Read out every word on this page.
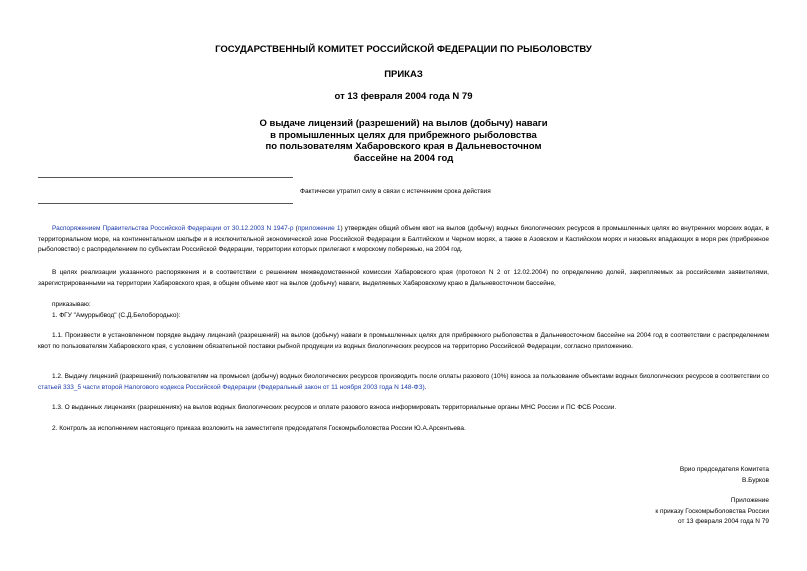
ГОСУДАРСТВЕННЫЙ КОМИТЕТ РОССИЙСКОЙ ФЕДЕРАЦИИ ПО РЫБОЛОВСТВУ
ПРИКАЗ
от 13 февраля 2004 года N 79
О выдаче лицензий (разрешений) на вылов (добычу) наваги
в промышленных целях для прибрежного рыболовства
по пользователям Хабаровского края в Дальневосточном
бассейне на 2004 год
Фактически утратил силу в связи с истечением срока действия
Распоряжением Правительства Российской Федерации от 30.12.2003 N 1947-р (приложение 1) утвержден общий объем квот на вылов (добычу) водных биологических ресурсов в промышленных целях во внутренних морских водах, в территориальном море, на континентальном шельфе и в исключительной экономической зоне Российской Федерации в Балтийском и Черном морях, а также в Азовском и Каспийском морях и низовьях впадающих в моря рек (прибрежное рыболовство) с распределением по субъектам Российской Федерации, территории которых прилегают к морскому побережью, на 2004 год.
В целях реализации указанного распоряжения и в соответствии с решением межведомственной комиссии Хабаровского края (протокол N 2 от 12.02.2004) по определению долей, закрепляемых за российскими заявителями, зарегистрированными на территории Хабаровского края, в общем объеме квот на вылов (добычу) наваги, выделяемых Хабаровскому краю в Дальневосточном бассейне,
приказываю:
1. ФГУ "Амуррыбвод" (С.Д.Белобородько):
1.1. Произвести в установленном порядке выдачу лицензий (разрешений) на вылов (добычу) наваги в промышленных целях для прибрежного рыболовства в Дальневосточном бассейне на 2004 год в соответствии с распределением квот по пользователям Хабаровского края, с условием обязательной поставки рыбной продукции из водных биологических ресурсов на территорию Российской Федерации, согласно приложению.
1.2. Выдачу лицензий (разрешений) пользователям на промысел (добычу) водных биологических ресурсов производить после оплаты разового (10%) взноса за пользование объектами водных биологических ресурсов в соответствии со статьей 333_5 части второй Налогового кодекса Российской Федерации (Федеральный закон от 11 ноября 2003 года N 148-ФЗ).
1.3. О выданных лицензиях (разрешениях) на вылов водных биологических ресурсов и оплате разового взноса информировать территориальные органы МНС России и ПС ФСБ России.
2. Контроль за исполнением настоящего приказа возложить на заместителя председателя Госкомрыболовства России Ю.А.Арсентьева.
Врио председателя Комитета
В.Бурков
Приложение
к приказу Госкомрыболовства России
от 13 февраля 2004 года N 79
